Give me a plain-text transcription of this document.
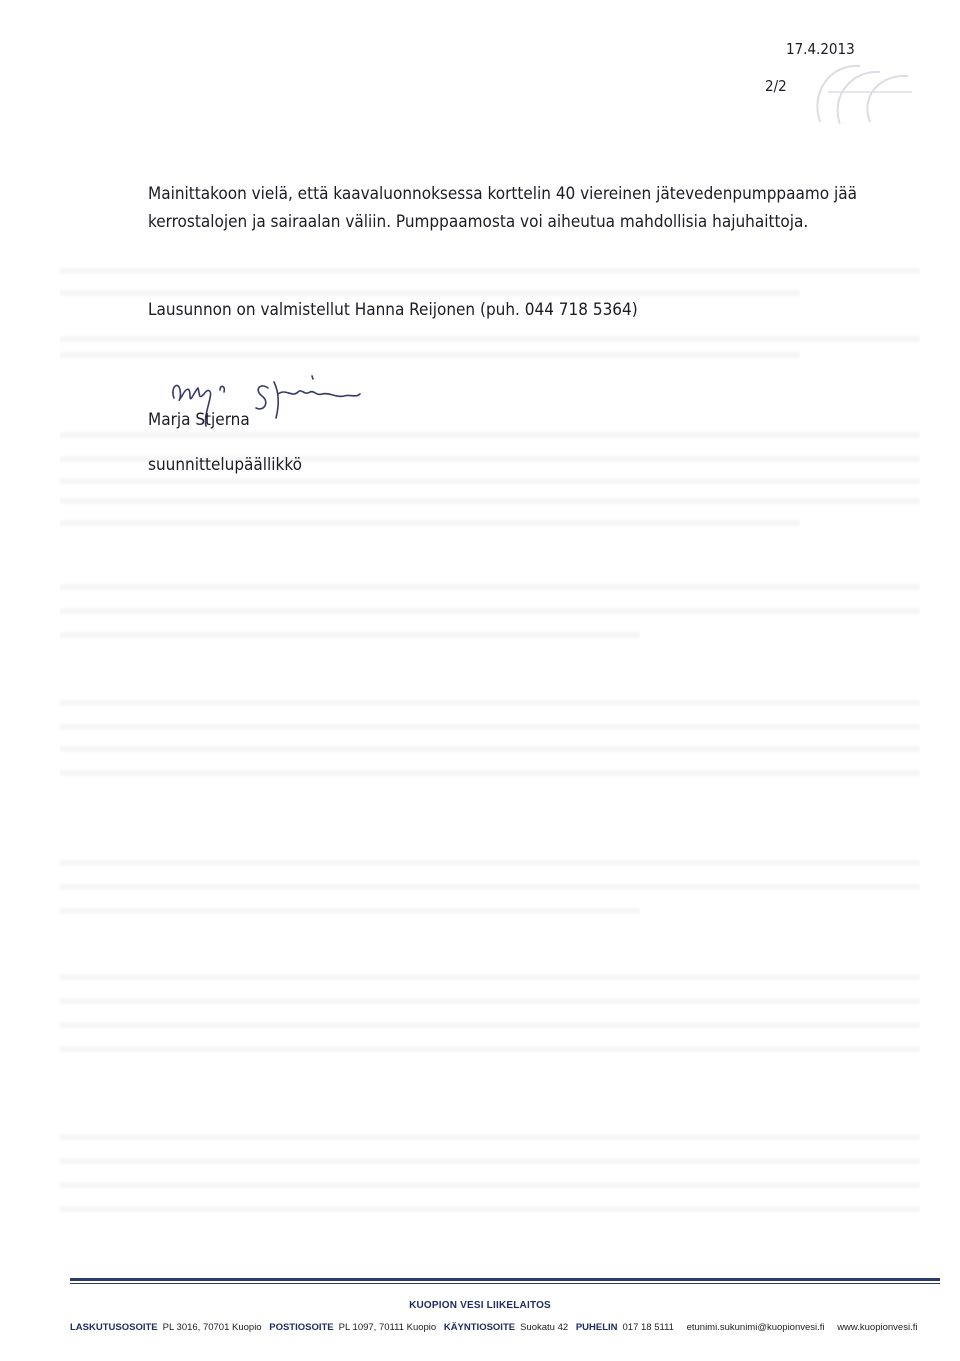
17.4.2013
2/2
Mainittakoon vielä, että kaavaluonnoksessa korttelin 40 viereinen jätevedenpumppaamo jää kerrostalojen ja sairaalan väliin. Pumppaamosta voi aiheutua mahdollisia hajuhaittoja.
Lausunnon on valmistellut Hanna Reijonen (puh. 044 718 5364)
Marja Stjerna
suunnittelupäällikkö
KUOPION VESI LIIKELAITOS
LASKUTUSOSOITE PL 3016, 70701 Kuopio POSTIOSOITE PL 1097, 70111 Kuopio KÄYNTIOSOITE Suokatu 42 PUHELIN 017 18 5111 etunimi.sukunimi@kuopionvesi.fi www.kuopionvesi.fi
